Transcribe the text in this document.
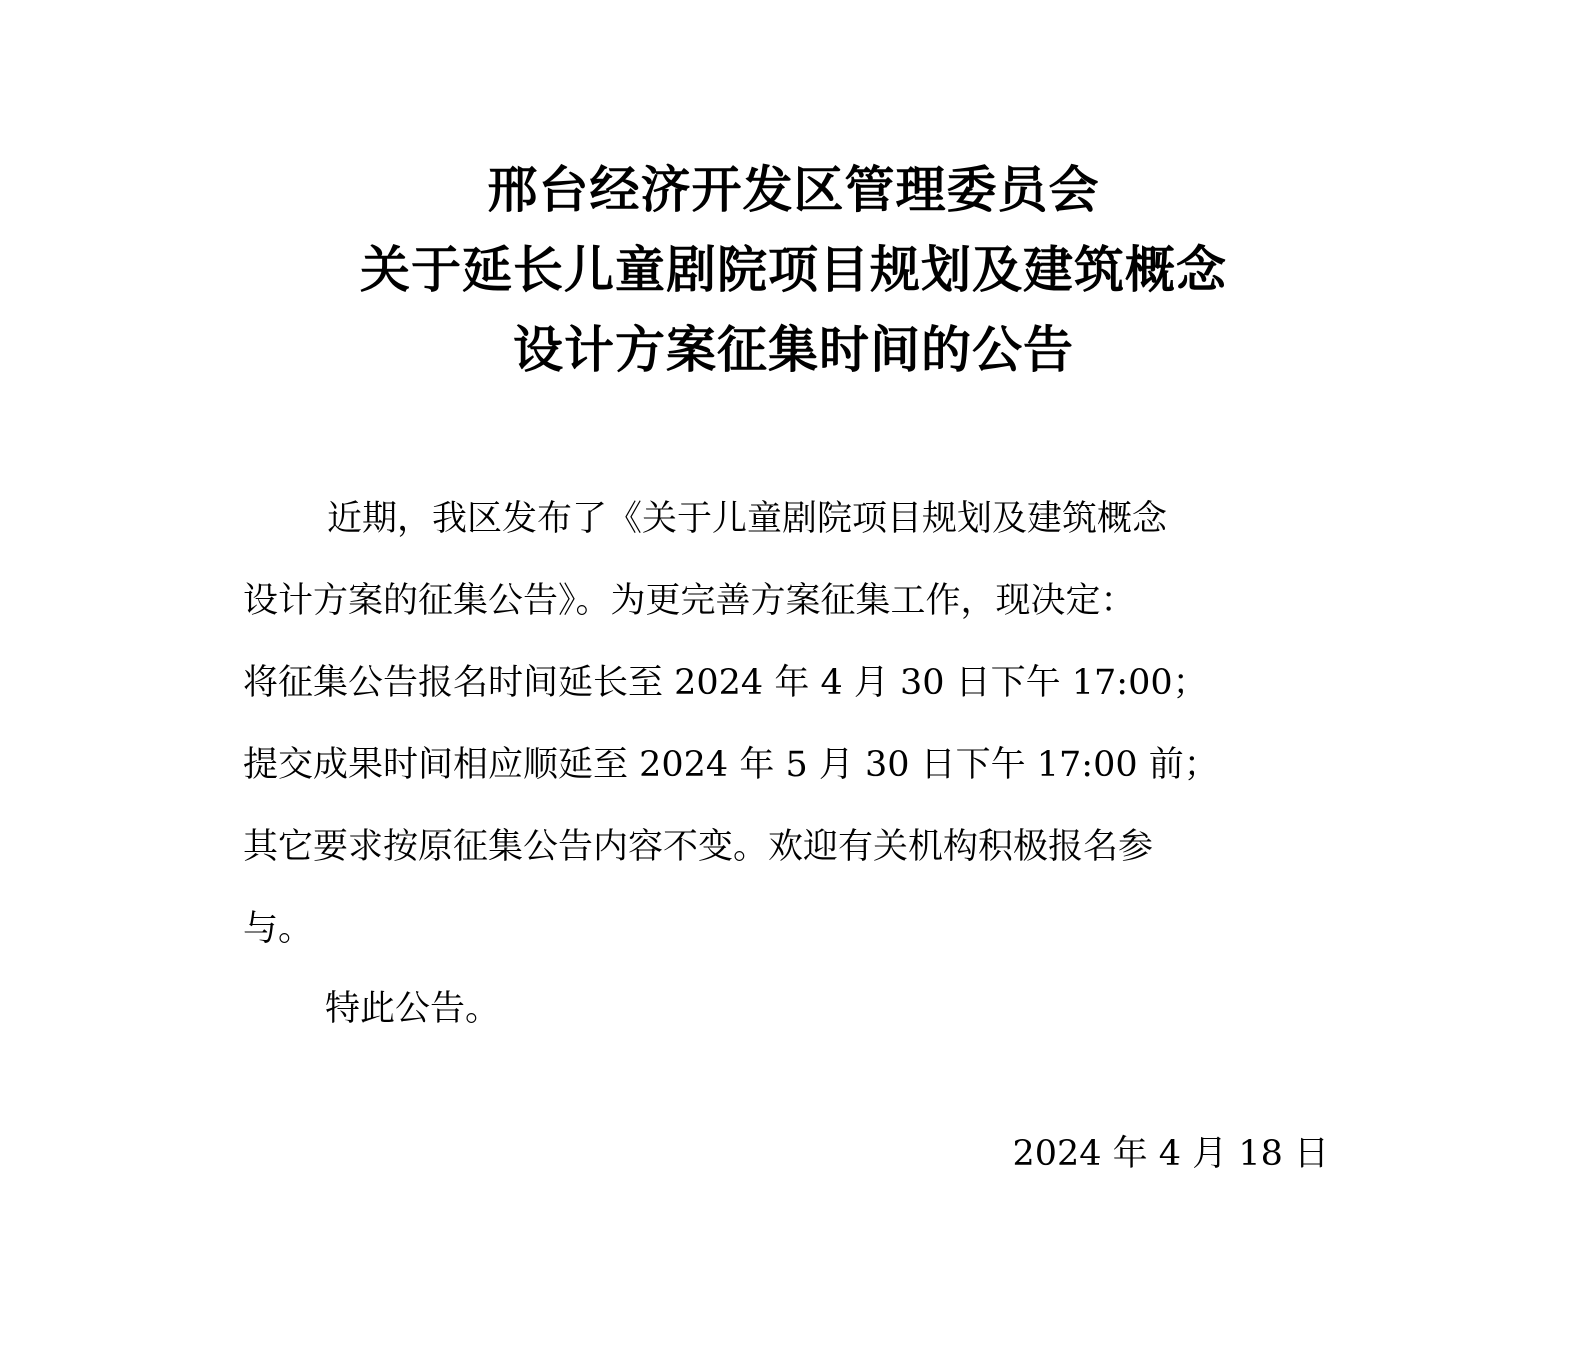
邢台经济开发区管理委员会
关于延长儿童剧院项目规划及建筑概念
设计方案征集时间的公告
近期，我区发布了《关于儿童剧院项目规划及建筑概念
设计方案的征集公告》。为更完善方案征集工作，现决定：
将征集公告报名时间延长至 2024 年 4 月 30 日下午 17:00；
提交成果时间相应顺延至 2024 年 5 月 30 日下午 17:00 前；
其它要求按原征集公告内容不变。欢迎有关机构积极报名参
与。
特此公告。
2024 年 4 月 18 日
